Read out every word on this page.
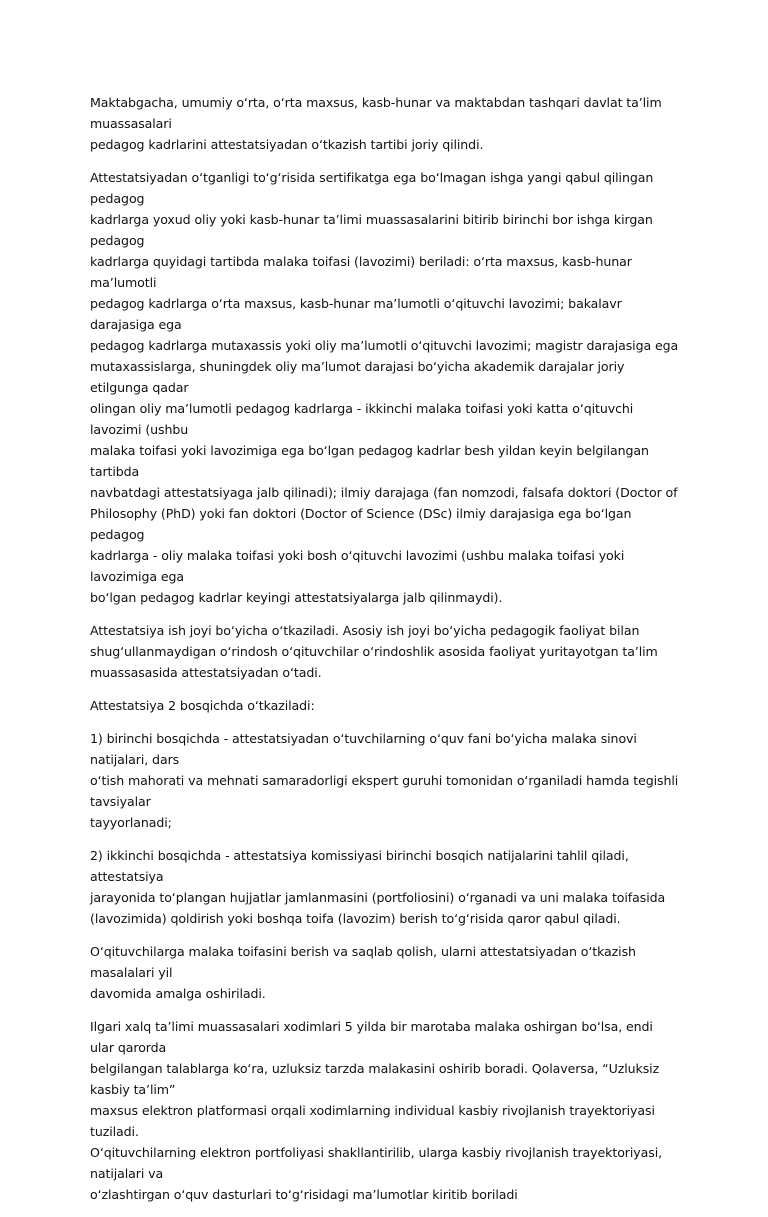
Maktabgacha, umumiy o‘rta, o‘rta maxsus, kasb-hunar va maktabdan tashqari davlat ta’lim muassasalari
pedagog kadrlarini attestatsiyadan o‘tkazish tartibi joriy qilindi.

Attestatsiyadan o‘tganligi to‘g‘risida sertifikatga ega bo‘lmagan ishga yangi qabul qilingan pedagog
kadrlarga yoxud oliy yoki kasb-hunar ta’limi muassasalarini bitirib birinchi bor ishga kirgan pedagog
kadrlarga quyidagi tartibda malaka toifasi (lavozimi) beriladi: o‘rta maxsus, kasb-hunar ma’lumotli
pedagog kadrlarga o‘rta maxsus, kasb-hunar ma’lumotli o‘qituvchi lavozimi; bakalavr darajasiga ega
pedagog kadrlarga mutaxassis yoki oliy ma’lumotli o‘qituvchi lavozimi; magistr darajasiga ega
mutaxassislarga, shuningdek oliy ma’lumot darajasi bo‘yicha akademik darajalar joriy etilgunga qadar
olingan oliy ma’lumotli pedagog kadrlarga - ikkinchi malaka toifasi yoki katta o‘qituvchi lavozimi (ushbu
malaka toifasi yoki lavozimiga ega bo‘lgan pedagog kadrlar besh yildan keyin belgilangan tartibda
navbatdagi attestatsiyaga jalb qilinadi); ilmiy darajaga (fan nomzodi, falsafa doktori (Doctor of
Philosophy (PhD) yoki fan doktori (Doctor of Science (DSc) ilmiy darajasiga ega bo‘lgan pedagog
kadrlarga - oliy malaka toifasi yoki bosh o‘qituvchi lavozimi (ushbu malaka toifasi yoki lavozimiga ega
bo‘lgan pedagog kadrlar keyingi attestatsiyalarga jalb qilinmaydi).

Attestatsiya ish joyi bo‘yicha o‘tkaziladi. Asosiy ish joyi bo‘yicha pedagogik faoliyat bilan
shug‘ullanmaydigan o‘rindosh o‘qituvchilar o‘rindoshlik asosida faoliyat yuritayotgan ta’lim
muassasasida attestatsiyadan o‘tadi.

Attestatsiya 2 bosqichda o‘tkaziladi:

1) birinchi bosqichda - attestatsiyadan o‘tuvchilarning o‘quv fani bo‘yicha malaka sinovi natijalari, dars
o‘tish mahorati va mehnati samaradorligi ekspert guruhi tomonidan o‘rganiladi hamda tegishli tavsiyalar
tayyorlanadi;

2) ikkinchi bosqichda - attestatsiya komissiyasi birinchi bosqich natijalarini tahlil qiladi, attestatsiya
jarayonida to‘plangan hujjatlar jamlanmasini (portfoliosini) o‘rganadi va uni malaka toifasida
(lavozimida) qoldirish yoki boshqa toifa (lavozim) berish to‘g‘risida qaror qabul qiladi.

O‘qituvchilarga malaka toifasini berish va saqlab qolish, ularni attestatsiyadan o‘tkazish masalalari yil
davomida amalga oshiriladi.

Ilgari xalq ta’limi muassasalari xodimlari 5 yilda bir marotaba malaka oshirgan bo‘lsa, endi ular qarorda
belgilangan talablarga ko‘ra, uzluksiz tarzda malakasini oshirib boradi. Qolaversa, “Uzluksiz kasbiy ta’lim”
maxsus elektron platformasi orqali xodimlarning individual kasbiy rivojlanish trayektoriyasi tuziladi.
O‘qituvchilarning elektron portfoliyasi shakllantirilib, ularga kasbiy rivojlanish trayektoriyasi, natijalari va
o‘zlashtirgan o‘quv dasturlari to‘g‘risidagi ma’lumotlar kiritib boriladi
